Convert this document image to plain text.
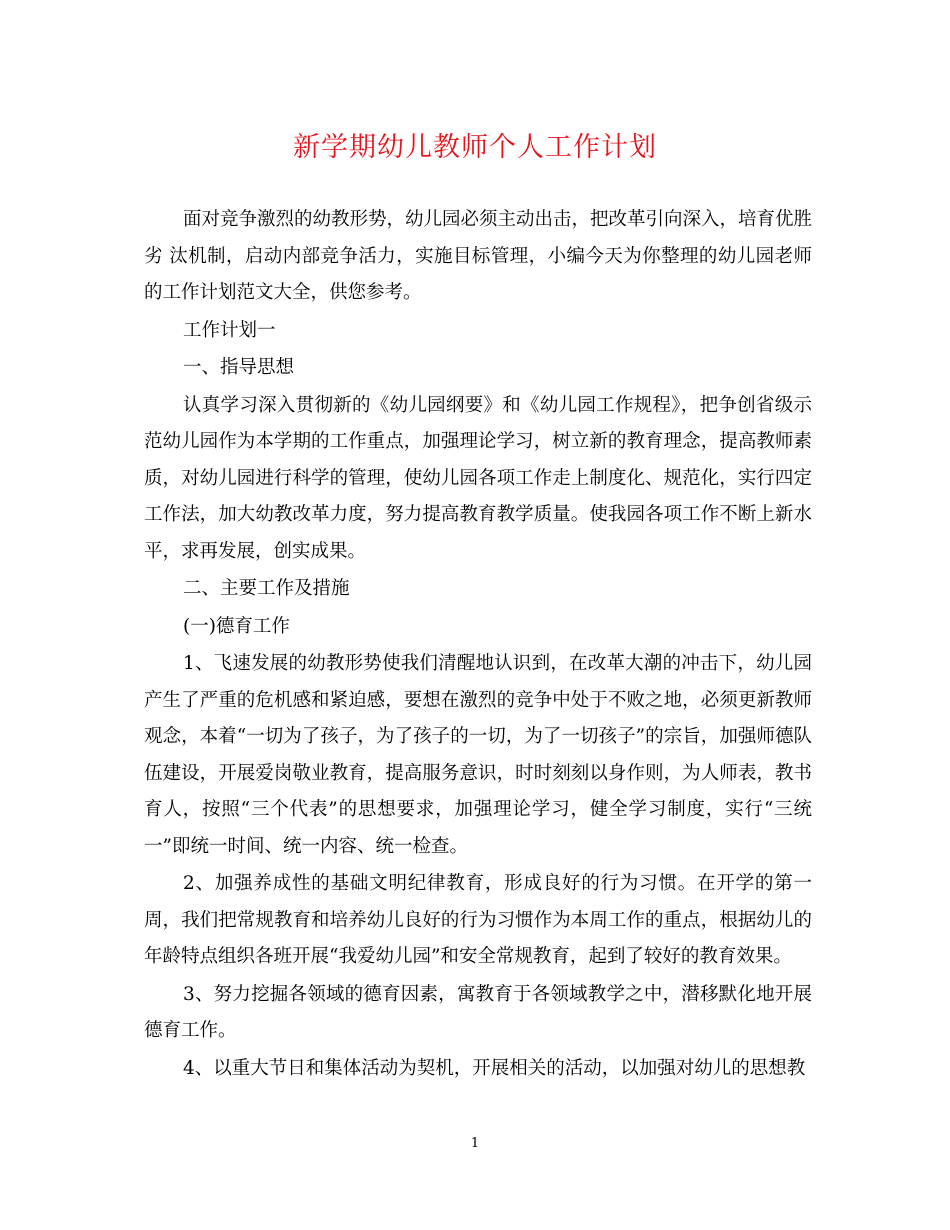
新学期幼儿教师个人工作计划

面对竞争激烈的幼教形势，幼儿园必须主动出击，把改革引向深入，培育优胜劣 汰机制，启动内部竞争活力，实施目标管理，小编今天为你整理的幼儿园老师的工作计划范文大全，供您参考。

工作计划一

一、指导思想

认真学习深入贯彻新的《幼儿园纲要》和《幼儿园工作规程》，把争创省级示范幼儿园作为本学期的工作重点，加强理论学习，树立新的教育理念，提高教师素质，对幼儿园进行科学的管理，使幼儿园各项工作走上制度化、规范化，实行四定工作法，加大幼教改革力度，努力提高教育教学质量。使我园各项工作不断上新水平，求再发展，创实成果。

二、主要工作及措施

(一)德育工作

1、飞速发展的幼教形势使我们清醒地认识到，在改革大潮的冲击下，幼儿园产生了严重的危机感和紧迫感，要想在激烈的竞争中处于不败之地，必须更新教师观念，本着“一切为了孩子，为了孩子的一切，为了一切孩子”的宗旨，加强师德队伍建设，开展爱岗敬业教育，提高服务意识，时时刻刻以身作则，为人师表，教书育人，按照“三个代表”的思想要求，加强理论学习，健全学习制度，实行“三统一”即统一时间、统一内容、统一检查。

2、加强养成性的基础文明纪律教育，形成良好的行为习惯。在开学的第一周，我们把常规教育和培养幼儿良好的行为习惯作为本周工作的重点，根据幼儿的年龄特点组织各班开展“我爱幼儿园”和安全常规教育，起到了较好的教育效果。

3、努力挖掘各领域的德育因素，寓教育于各领域教学之中，潜移默化地开展德育工作。

4、以重大节日和集体活动为契机，开展相关的活动，以加强对幼儿的思想教

1
